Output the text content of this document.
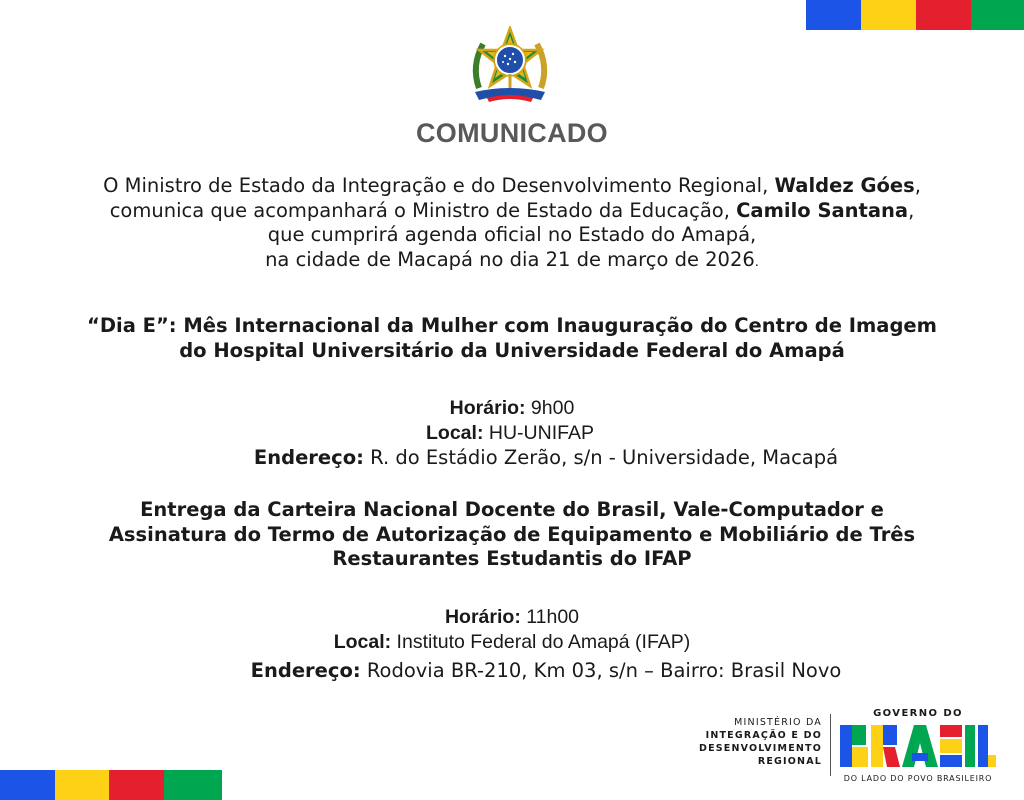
COMUNICADO
O Ministro de Estado da Integração e do Desenvolvimento Regional, Waldez Góes,
comunica que acompanhará o Ministro de Estado da Educação, Camilo Santana,
que cumprirá agenda oficial no Estado do Amapá,
na cidade de Macapá no dia 21 de março de 2026.
“Dia E”: Mês Internacional da Mulher com Inauguração do Centro de Imagem
do Hospital Universitário da Universidade Federal do Amapá
Horário: 9h00
Local: HU-UNIFAP
Endereço: R. do Estádio Zerão, s/n - Universidade, Macapá
Entrega da Carteira Nacional Docente do Brasil, Vale-Computador e
Assinatura do Termo de Autorização de Equipamento e Mobiliário de Três
Restaurantes Estudantis do IFAP
Horário: 11h00
Local: Instituto Federal do Amapá (IFAP)
Endereço: Rodovia BR-210, Km 03, s/n – Bairro: Brasil Novo
MINISTÉRIO DA
INTEGRAÇÃO E DO
DESENVOLVIMENTO
REGIONAL
GOVERNO DO
BRASIL
DO LADO DO POVO BRASILEIRO
